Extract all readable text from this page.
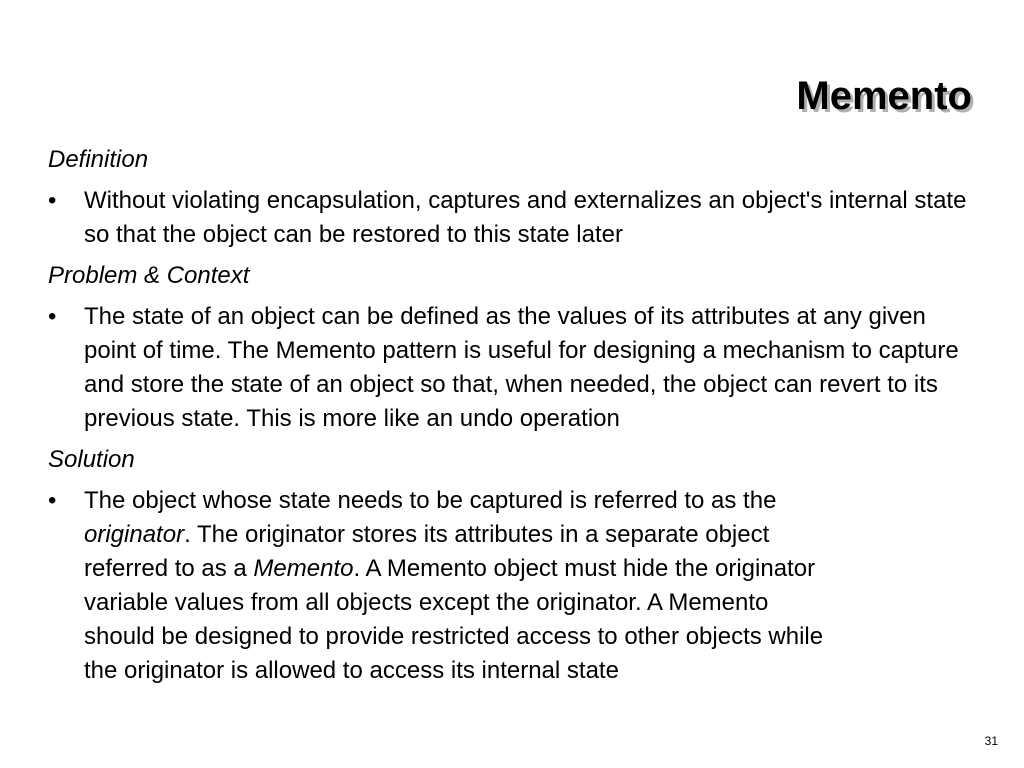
Memento
Definition
•	Without violating encapsulation, captures and externalizes an object's internal state so that the object can be restored to this state later
Problem & Context
•	The state of an object can be defined as the values of its attributes at any given point of time. The Memento pattern is useful for designing a mechanism to capture and store the state of an object so that, when needed, the object can revert to its previous state. This is more like an undo operation
Solution
•	The object whose state needs to be captured is referred to as the
originator. The originator stores its attributes in a separate object
referred to as a Memento. A Memento object must hide the originator
variable values from all objects except the originator. A Memento
should be designed to provide restricted access to other objects while
the originator is allowed to access its internal state
31
